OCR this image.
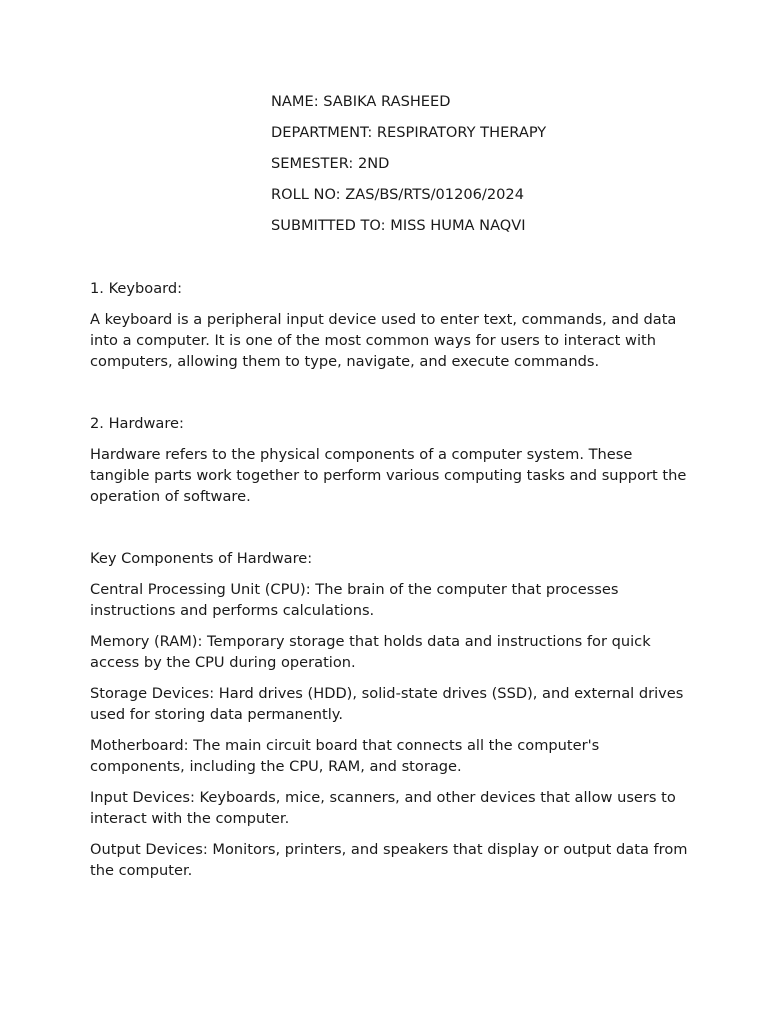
NAME: SABIKA RASHEED

DEPARTMENT: RESPIRATORY THERAPY

SEMESTER: 2ND

ROLL NO: ZAS/BS/RTS/01206/2024

SUBMITTED TO: MISS HUMA NAQVI

1. Keyboard:

A keyboard is a peripheral input device used to enter text, commands, and data into a computer. It is one of the most common ways for users to interact with computers, allowing them to type, navigate, and execute commands.

2. Hardware:

Hardware refers to the physical components of a computer system. These tangible parts work together to perform various computing tasks and support the operation of software.

Key Components of Hardware:

Central Processing Unit (CPU): The brain of the computer that processes instructions and performs calculations.

Memory (RAM): Temporary storage that holds data and instructions for quick access by the CPU during operation.

Storage Devices: Hard drives (HDD), solid-state drives (SSD), and external drives used for storing data permanently.

Motherboard: The main circuit board that connects all the computer's components, including the CPU, RAM, and storage.

Input Devices: Keyboards, mice, scanners, and other devices that allow users to interact with the computer.

Output Devices: Monitors, printers, and speakers that display or output data from the computer.
